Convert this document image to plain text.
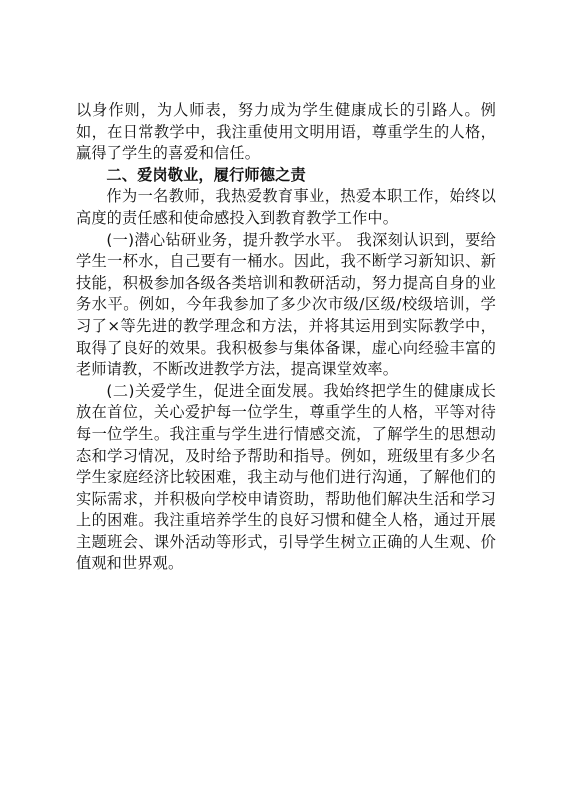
以身作则，为人师表，努力成为学生健康成长的引路人。例如，在日常教学中，我注重使用文明用语，尊重学生的人格，赢得了学生的喜爱和信任。

二、爱岗敬业，履行师德之责

作为一名教师，我热爱教育事业，热爱本职工作，始终以高度的责任感和使命感投入到教育教学工作中。

(一)潜心钻研业务，提升教学水平。 我深刻认识到，要给学生一杯水，自己要有一桶水。因此，我不断学习新知识、新技能，积极参加各级各类培训和教研活动，努力提高自身的业务水平。例如，今年我参加了多少次市级/区级/校级培训，学习了×等先进的教学理念和方法，并将其运用到实际教学中，取得了良好的效果。我积极参与集体备课，虚心向经验丰富的老师请教，不断改进教学方法，提高课堂效率。

(二)关爱学生，促进全面发展。我始终把学生的健康成长放在首位，关心爱护每一位学生，尊重学生的人格，平等对待每一位学生。我注重与学生进行情感交流，了解学生的思想动态和学习情况，及时给予帮助和指导。例如，班级里有多少名学生家庭经济比较困难，我主动与他们进行沟通，了解他们的实际需求，并积极向学校申请资助，帮助他们解决生活和学习上的困难。我注重培养学生的良好习惯和健全人格，通过开展主题班会、课外活动等形式，引导学生树立正确的人生观、价值观和世界观。
